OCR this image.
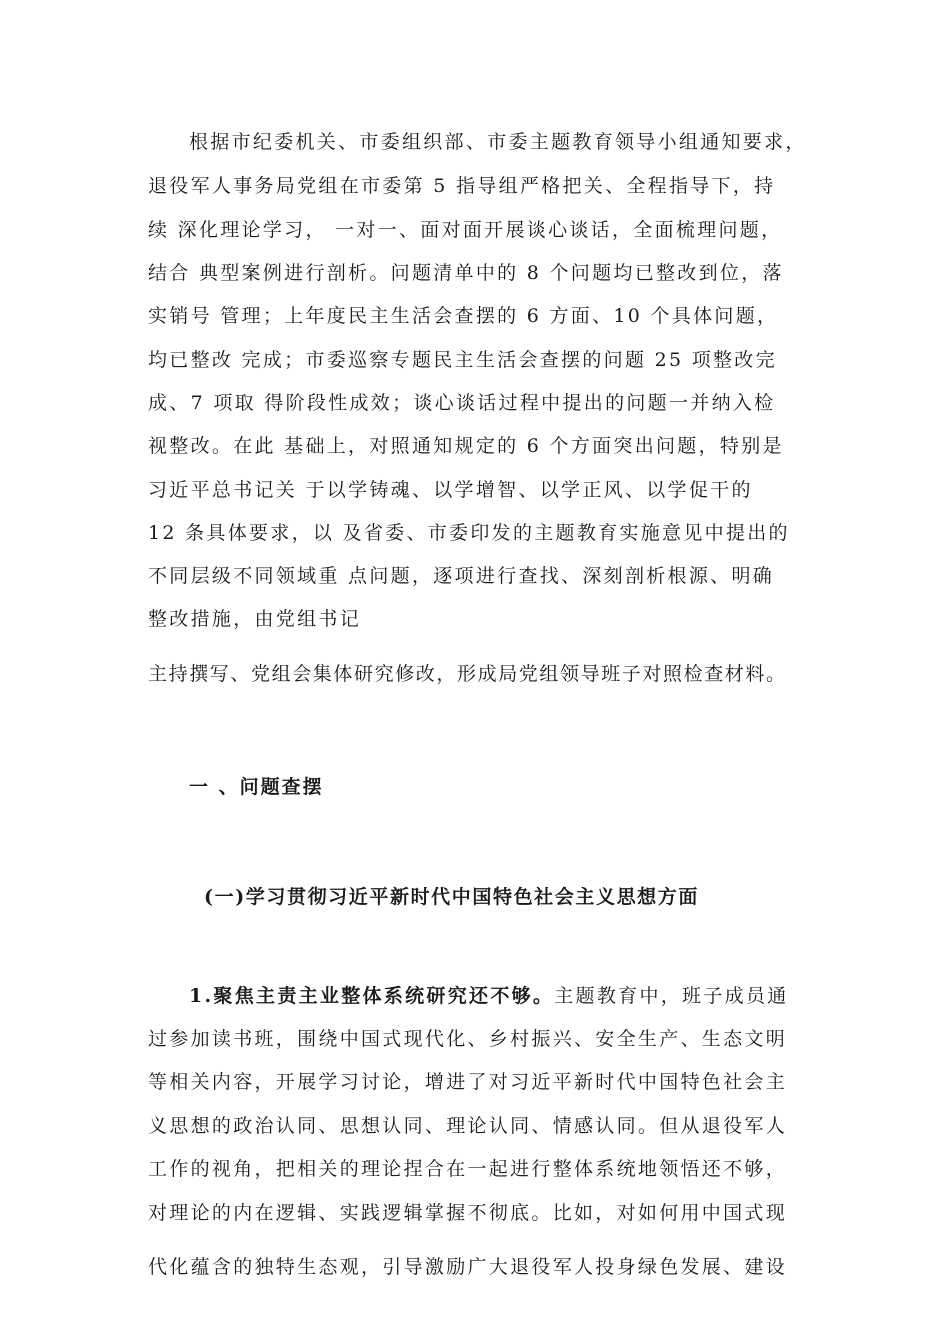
根据市纪委机关、市委组织部、市委主题教育领导小组通知要求，
退役军人事务局党组在市委第 5 指导组严格把关、全程指导下，持
续 深化理论学习， 一对一、面对面开展谈心谈话，全面梳理问题，
结合 典型案例进行剖析。问题清单中的 8 个问题均已整改到位，落
实销号 管理；上年度民主生活会查摆的 6 方面、10 个具体问题，
均已整改 完成；市委巡察专题民主生活会查摆的问题 25 项整改完
成、7 项取 得阶段性成效；谈心谈话过程中提出的问题一并纳入检
视整改。在此 基础上，对照通知规定的 6 个方面突出问题，特别是
习近平总书记关 于以学铸魂、以学增智、以学正风、以学促干的
12 条具体要求，以 及省委、市委印发的主题教育实施意见中提出的
不同层级不同领域重 点问题，逐项进行查找、深刻剖析根源、明确
整改措施，由党组书记
主持撰写、党组会集体研究修改，形成局党组领导班子对照检查材料。
一 、问题查摆
(一)学习贯彻习近平新时代中国特色社会主义思想方面
1.聚焦主责主业整体系统研究还不够。主题教育中，班子成员通
过参加读书班，围绕中国式现代化、乡村振兴、安全生产、生态文明
等相关内容，开展学习讨论，增进了对习近平新时代中国特色社会主
义思想的政治认同、思想认同、理论认同、情感认同。但从退役军人
工作的视角，把相关的理论捏合在一起进行整体系统地领悟还不够，
对理论的内在逻辑、实践逻辑掌握不彻底。比如，对如何用中国式现
代化蕴含的独特生态观，引导激励广大退役军人投身绿色发展、建设
